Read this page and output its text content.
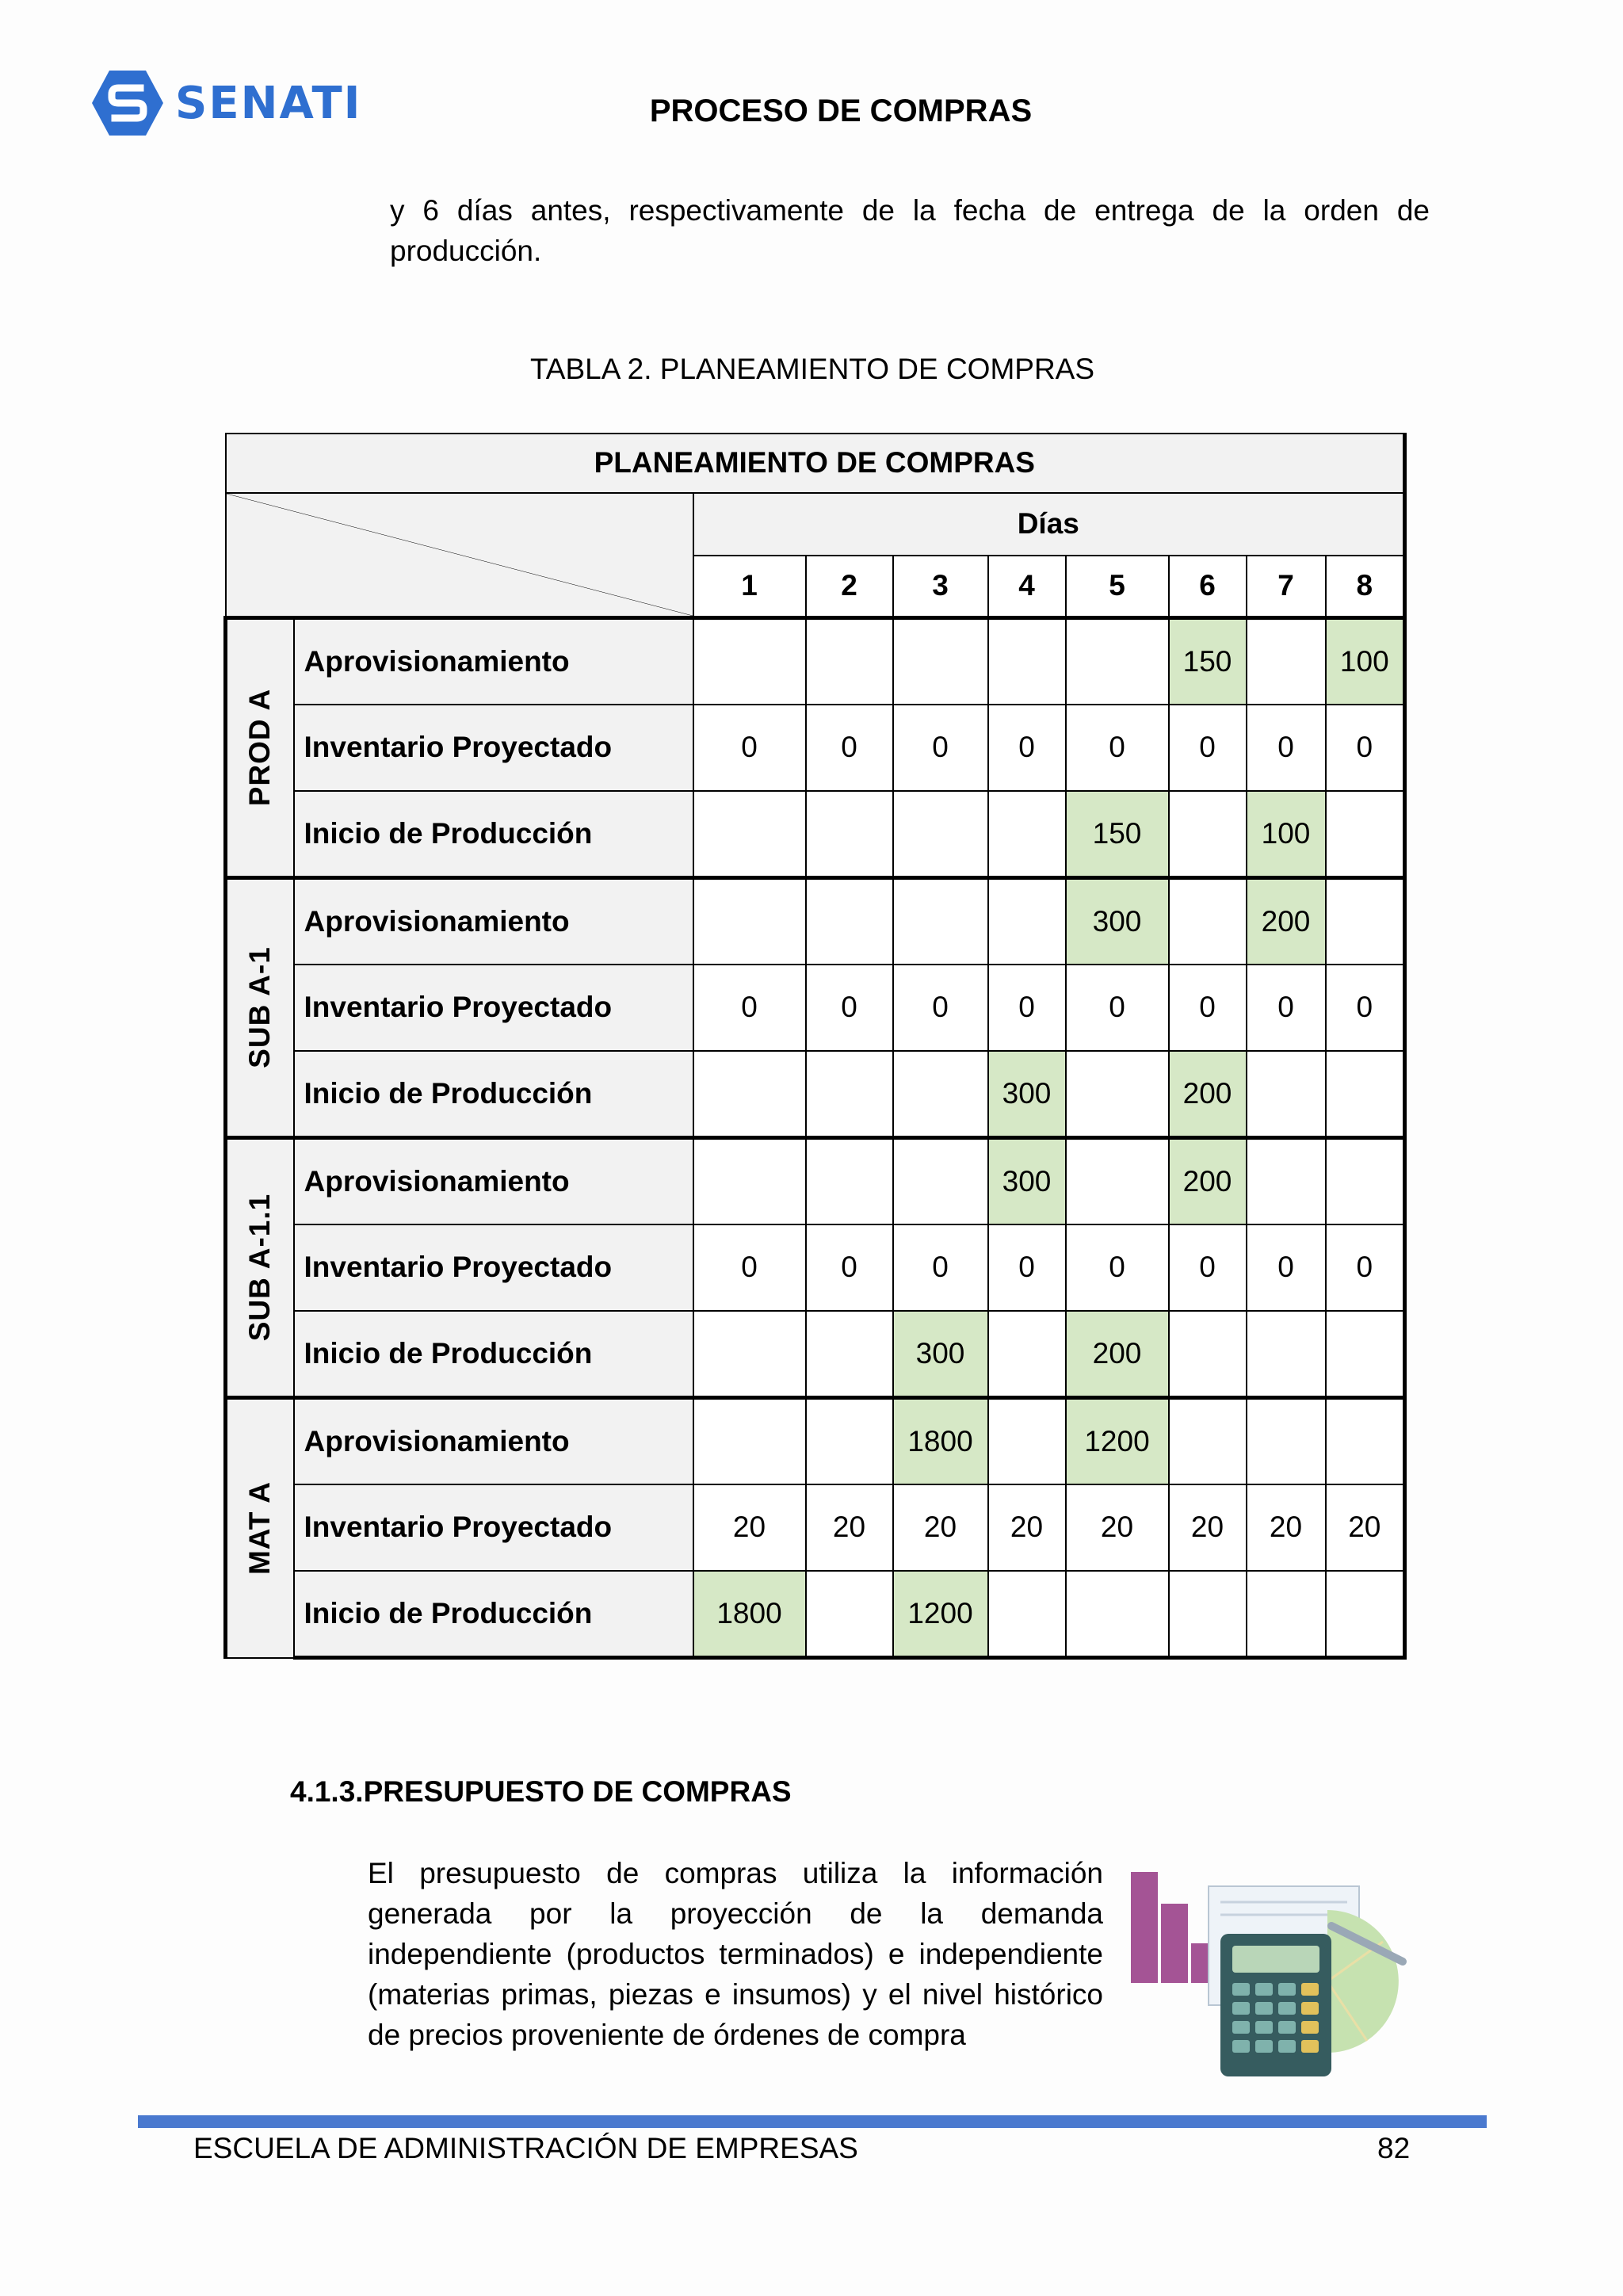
SENATI	PROCESO DE COMPRAS
y 6 días antes, respectivamente de la fecha de entrega de la orden de producción.
TABLA 2. PLANEAMIENTO DE COMPRAS
PLANEAMIENTO DE COMPRAS									

	Días							
		1	2	3	4	5	6	7	8

PROD A	Aprovisionamiento						150		100
	Inventario Proyectado	0	0	0	0	0	0	0	0
	Inicio de Producción					150		100	

SUB A-1	Aprovisionamiento					300		200	
	Inventario Proyectado	0	0	0	0	0	0	0	0
	Inicio de Producción				300		200		

SUB A-1.1	Aprovisionamiento				300		200		
	Inventario Proyectado	0	0	0	0	0	0	0	0
	Inicio de Producción			300		200			

MAT A	Aprovisionamiento			1800		1200			
	Inventario Proyectado	20	20	20	20	20	20	20	20
	Inicio de Producción	1800		1200					
4.1.3.PRESUPUESTO DE COMPRAS
El presupuesto de compras utiliza la información generada por la proyección de la demanda independiente (productos terminados) e independiente (materias primas, piezas e insumos) y el nivel histórico de precios proveniente de órdenes de compra
ESCUELA DE ADMINISTRACIÓN DE EMPRESAS	82
